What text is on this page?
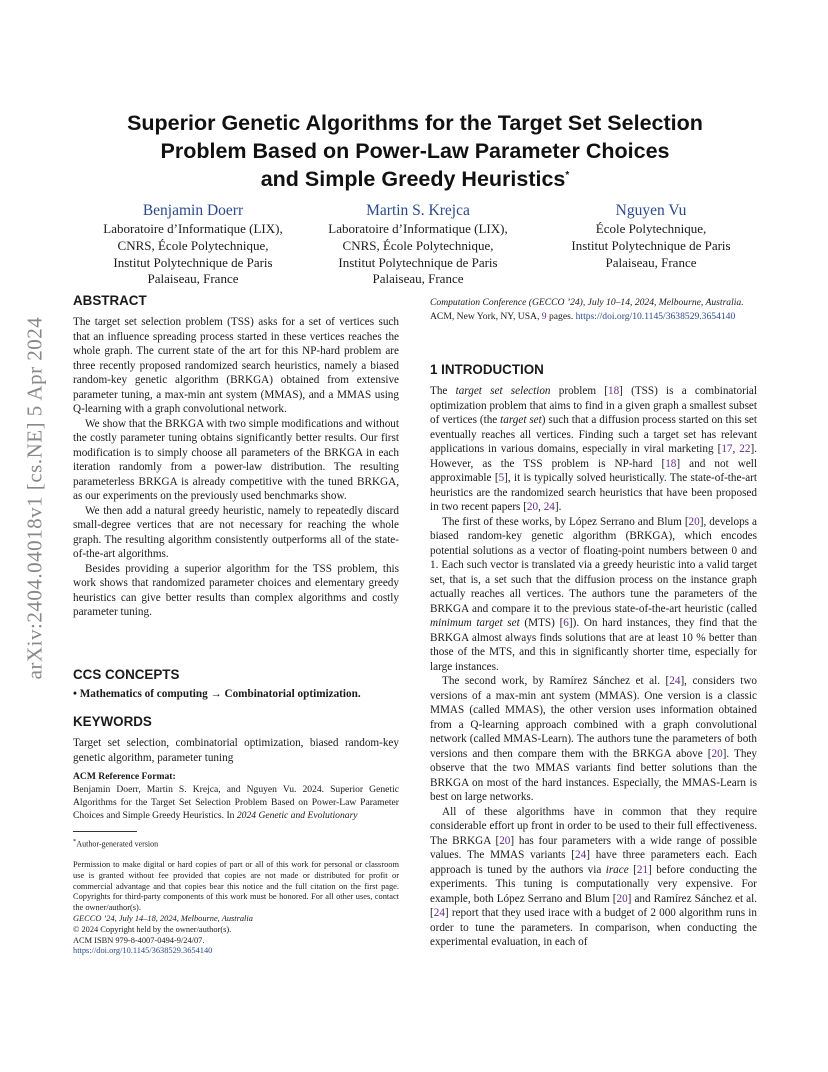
arXiv:2404.04018v1 [cs.NE] 5 Apr 2024
Superior Genetic Algorithms for the Target Set Selection
Problem Based on Power-Law Parameter Choices
and Simple Greedy Heuristics*
Benjamin Doerr
Laboratoire d’Informatique (LIX),
CNRS, École Polytechnique,
Institut Polytechnique de Paris
Palaiseau, France
Martin S. Krejca
Laboratoire d’Informatique (LIX),
CNRS, École Polytechnique,
Institut Polytechnique de Paris
Palaiseau, France
Nguyen Vu
École Polytechnique,
Institut Polytechnique de Paris
Palaiseau, France
ABSTRACT

The target set selection problem (TSS) asks for a set of vertices such that an influence spreading process started in these vertices reaches the whole graph. The current state of the art for this NP-hard problem are three recently proposed randomized search heuristics, namely a biased random-key genetic algorithm (BRKGA) obtained from extensive parameter tuning, a max-min ant system (MMAS), and a MMAS using Q-learning with a graph convolutional network.

We show that the BRKGA with two simple modifications and without the costly parameter tuning obtains significantly better results. Our first modification is to simply choose all parameters of the BRKGA in each iteration randomly from a power-law distribution. The resulting parameterless BRKGA is already competitive with the tuned BRKGA, as our experiments on the previously used benchmarks show.

We then add a natural greedy heuristic, namely to repeatedly discard small-degree vertices that are not necessary for reaching the whole graph. The resulting algorithm consistently outperforms all of the state-of-the-art algorithms.

Besides providing a superior algorithm for the TSS problem, this work shows that randomized parameter choices and elementary greedy heuristics can give better results than complex algorithms and costly parameter tuning.

CCS CONCEPTS

• Mathematics of computing → Combinatorial optimization.

KEYWORDS

Target set selection, combinatorial optimization, biased random-key genetic algorithm, parameter tuning

ACM Reference Format:
Benjamin Doerr, Martin S. Krejca, and Nguyen Vu. 2024. Superior Genetic Algorithms for the Target Set Selection Problem Based on Power-Law Parameter Choices and Simple Greedy Heuristics. In 2024 Genetic and Evolutionary
*Author-generated version
Permission to make digital or hard copies of part or all of this work for personal or classroom use is granted without fee provided that copies are not made or distributed for profit or commercial advantage and that copies bear this notice and the full citation on the first page. Copyrights for third-party components of this work must be honored. For all other uses, contact the owner/author(s).
GECCO ’24, July 14–18, 2024, Melbourne, Australia
© 2024 Copyright held by the owner/author(s).
ACM ISBN 979-8-4007-0494-9/24/07.
https://doi.org/10.1145/3638529.3654140
Computation Conference (GECCO ’24), July 10–14, 2024, Melbourne, Australia. ACM, New York, NY, USA, 9 pages. https://doi.org/10.1145/3638529.3654140
1 INTRODUCTION

The target set selection problem [18] (TSS) is a combinatorial optimization problem that aims to find in a given graph a smallest subset of vertices (the target set) such that a diffusion process started on this set eventually reaches all vertices. Finding such a target set has relevant applications in various domains, especially in viral marketing [17, 22]. However, as the TSS problem is NP-hard [18] and not well approximable [5], it is typically solved heuristically. The state-of-the-art heuristics are the randomized search heuristics that have been proposed in two recent papers [20, 24].

The first of these works, by López Serrano and Blum [20], develops a biased random-key genetic algorithm (BRKGA), which encodes potential solutions as a vector of floating-point numbers between 0 and 1. Each such vector is translated via a greedy heuristic into a valid target set, that is, a set such that the diffusion process on the instance graph actually reaches all vertices. The authors tune the parameters of the BRKGA and compare it to the previous state-of-the-art heuristic (called minimum target set (MTS) [6]). On hard instances, they find that the BRKGA almost always finds solutions that are at least 10 % better than those of the MTS, and this in significantly shorter time, especially for large instances.

The second work, by Ramírez Sánchez et al. [24], considers two versions of a max-min ant system (MMAS). One version is a classic MMAS (called MMAS), the other version uses information obtained from a Q-learning approach combined with a graph convolutional network (called MMAS-Learn). The authors tune the parameters of both versions and then compare them with the BRKGA above [20]. They observe that the two MMAS variants find better solutions than the BRKGA on most of the hard instances. Especially, the MMAS-Learn is best on large networks.

All of these algorithms have in common that they require considerable effort up front in order to be used to their full effectiveness. The BRKGA [20] has four parameters with a wide range of possible values. The MMAS variants [24] have three parameters each. Each approach is tuned by the authors via irace [21] before conducting the experiments. This tuning is computationally very expensive. For example, both López Serrano and Blum [20] and Ramírez Sánchez et al. [24] report that they used irace with a budget of 2 000 algorithm runs in order to tune the parameters. In comparison, when conducting the experimental evaluation, in each of
